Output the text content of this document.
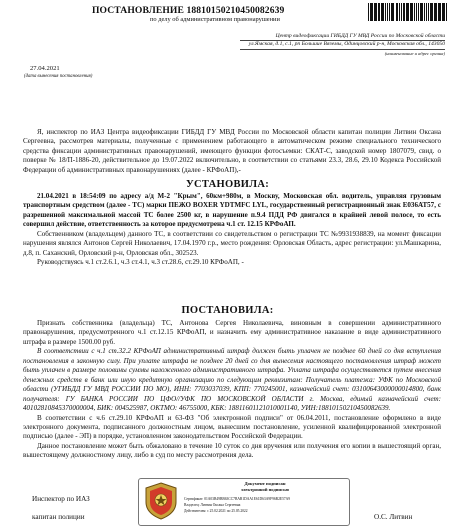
ПОСТАНОВЛЕНИЕ 18810150210450082639
по делу об административном правонарушении
Центр видеофиксации ГИБДД ГУ МВД России по Московской области
ул.Ямская, д.1, с.1, рп Большие Вяземы, Одинцовский р-н, Московская обл., 143050
(наименование и адрес органа)
27.04.2021
(дата вынесения постановления)

Я, инспектор по ИАЗ Центра видеофиксации ГИБДД ГУ МВД России по Московской области капитан полиции Литвин Оксана Сергеевна, рассмотрев материалы, полученные с применением работающего в автоматическом режиме специального технического средства фиксации административных правонарушений, имеющего функции фотосъемки: СКАТ-С, заводской номер 1807079, свид. о поверке № 18/П-1886-20, действительное до 19.07.2022 включительно, в соответствии со статьями 23.3, 28.6, 29.10 Кодекса Российской Федерации об административных правонарушениях (далее - КРФоАП),-

УСТАНОВИЛА:

21.04.2021 в 18:54:09 по адресу а/д М-2 "Крым", 60км+980м, в Москву, Московская обл. водитель, управляя грузовым транспортным средством (далее - ТС) марки ПЕЖО BOXER YDTMFC LYL, государственный регистрационный знак Е036АТ57, с разрешенной максимальной массой ТС более 2500 кг, в нарушение п.9.4 ПДД РФ двигался в крайней левой полосе, то есть совершил действие, ответственность за которое предусмотрена ч.1 ст. 12.15 КРФоАП.

Собственником (владельцем) данного ТС, в соответствии со свидетельством о регистрации ТС №9931938839, на момент фиксации нарушения являлся Антонов Сергей Николаевич, 17.04.1970 г.р., место рождения: Орловская Область, адрес регистрации: ул.Машкарина, д.8, п. Саханский, Орловский р-н, Орловская обл., 302523.

Руководствуясь ч.1 ст.2.6.1, ч.3 ст.4.1, ч.3 ст.28.6, ст.29.10 КРФоАП, -

ПОСТАНОВИЛА:

Признать собственника (владельца) ТС, Антонова Сергея Николаевича, виновным в совершении административного правонарушения, предусмотренного ч.1 ст.12.15 КРФоАП, и назначить ему административное наказание в виде административного штрафа в размере 1500.00 руб.

В соответствии с ч.1 ст.32.2 КРФоАП административный штраф должен быть уплачен не позднее 60 дней со дня вступления постановления в законную силу. При уплате штрафа не позднее 20 дней со дня вынесения настоящего постановления штраф может быть уплачен в размере половины суммы наложенного административного штрафа. Уплата штрафа осуществляется путем внесения денежных средств в банк или иную кредитную организацию по следующим реквизитам: Получатель платежа: УФК по Московской области (УГИБДД ГУ МВД РОССИИ ПО МО), ИНН: 7703037039, КПП: 770245001, казначейский счет: 03100643000000014800, банк получателя: ГУ БАНКА РОССИИ ПО ЦФО//УФК ПО МОСКОВСКОЙ ОБЛАСТИ г. Москва, единый казначейский счет: 40102810845370000004, БИК: 004525987, ОКТМО: 46755000, КБК: 18811601121010001140, УИН:18810150210450082639.

В соответствии с ч.6 ст.29.10 КРФоАП и 63-ФЗ "Об электронной подписи" от 06.04.2011, постановление оформлено в виде электронного документа, подписанного должностным лицом, вынесшим постановление, усиленной квалифицированной электронной подписью (далее - ЭП) в порядке, установленном законодательством Российской Федерации.

Данное постановление может быть обжаловано в течение 10 суток со дня вручения или получения его копии в вышестоящий орган, вышестоящему должностному лицу, либо в суд по месту рассмотрения дела.

Инспектор по ИАЗ
капитан полиции	О.С. Литвин
Документ подписан
электронной подписью
Сертификат: 01A03B49BB63CC7BAB1DAA1E61D63A9F96B2E57A9
Владелец: Литвин Оксана Сергеевна
Действителен: с 25.02.2021 по 25.05.2022
